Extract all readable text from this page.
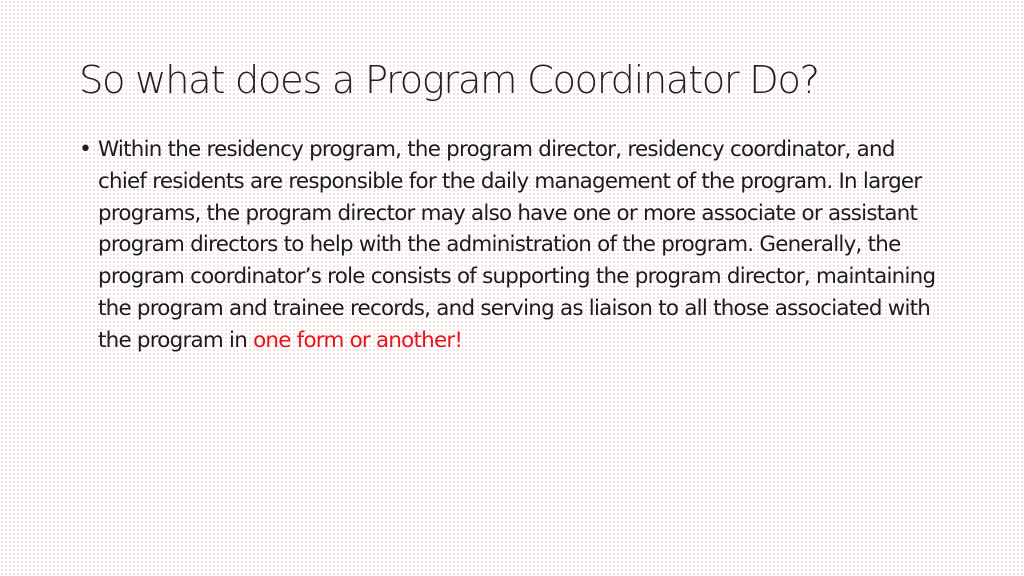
So what does a Program Coordinator Do?
• Within the residency program, the program director, residency coordinator, and chief residents are responsible for the daily management of the program. In larger programs, the program director may also have one or more associate or assistant program directors to help with the administration of the program. Generally, the program coordinator’s role consists of supporting the program director, maintaining the program and trainee records, and serving as liaison to all those associated with the program in one form or another!
